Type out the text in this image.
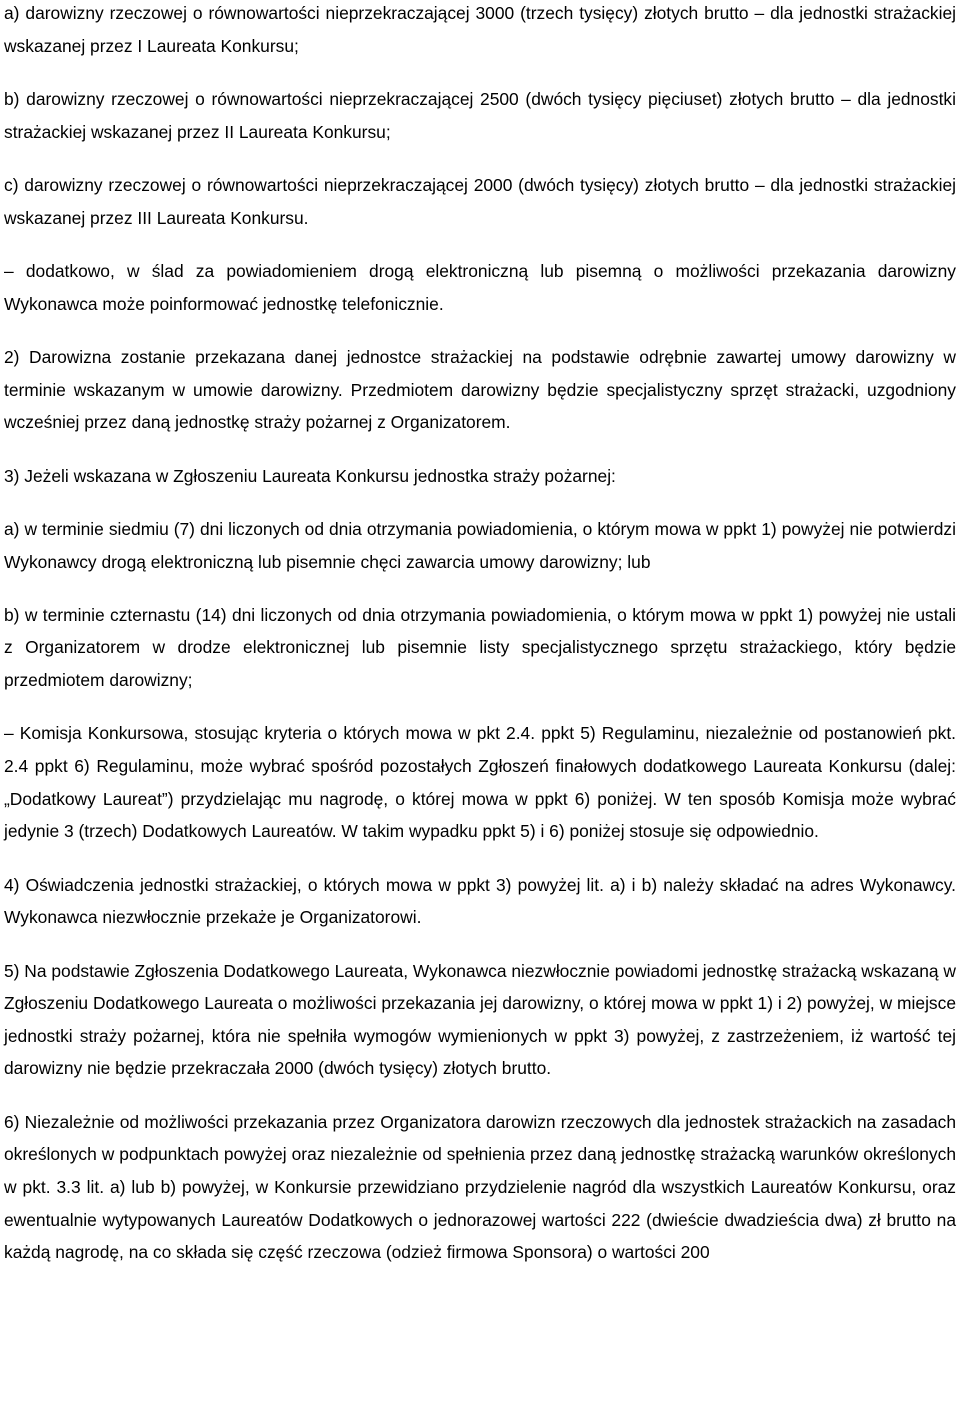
a) darowizny rzeczowej o równowartości nieprzekraczającej 3000 (trzech tysięcy) złotych brutto – dla jednostki strażackiej wskazanej przez I Laureata Konkursu;

b) darowizny rzeczowej o równowartości nieprzekraczającej 2500 (dwóch tysięcy pięciuset) złotych brutto – dla jednostki strażackiej wskazanej przez II Laureata Konkursu;

c) darowizny rzeczowej o równowartości nieprzekraczającej 2000 (dwóch tysięcy) złotych brutto – dla jednostki strażackiej wskazanej przez III Laureata Konkursu.

– dodatkowo, w ślad za powiadomieniem drogą elektroniczną lub pisemną o możliwości przekazania darowizny Wykonawca może poinformować jednostkę telefonicznie.

2) Darowizna zostanie przekazana danej jednostce strażackiej na podstawie odrębnie zawartej umowy darowizny w terminie wskazanym w umowie darowizny. Przedmiotem darowizny będzie specjalistyczny sprzęt strażacki, uzgodniony wcześniej przez daną jednostkę straży pożarnej z Organizatorem.

3) Jeżeli wskazana w Zgłoszeniu Laureata Konkursu jednostka straży pożarnej:

a) w terminie siedmiu (7) dni liczonych od dnia otrzymania powiadomienia, o którym mowa w ppkt 1) powyżej nie potwierdzi Wykonawcy drogą elektroniczną lub pisemnie chęci zawarcia umowy darowizny; lub

b) w terminie czternastu (14) dni liczonych od dnia otrzymania powiadomienia, o którym mowa w ppkt 1) powyżej nie ustali z Organizatorem w drodze elektronicznej lub pisemnie listy specjalistycznego sprzętu strażackiego, który będzie przedmiotem darowizny;

– Komisja Konkursowa, stosując kryteria o których mowa w pkt 2.4. ppkt 5) Regulaminu, niezależnie od postanowień pkt. 2.4 ppkt 6) Regulaminu, może wybrać spośród pozostałych Zgłoszeń finałowych dodatkowego Laureata Konkursu (dalej: „Dodatkowy Laureat”) przydzielając mu nagrodę, o której mowa w ppkt 6) poniżej. W ten sposób Komisja może wybrać jedynie 3 (trzech) Dodatkowych Laureatów. W takim wypadku ppkt 5) i 6) poniżej stosuje się odpowiednio.

4) Oświadczenia jednostki strażackiej, o których mowa w ppkt 3) powyżej lit. a) i b) należy składać na adres Wykonawcy. Wykonawca niezwłocznie przekaże je Organizatorowi.

5) Na podstawie Zgłoszenia Dodatkowego Laureata, Wykonawca niezwłocznie powiadomi jednostkę strażacką wskazaną w Zgłoszeniu Dodatkowego Laureata o możliwości przekazania jej darowizny, o której mowa w ppkt 1) i 2) powyżej, w miejsce jednostki straży pożarnej, która nie spełniła wymogów wymienionych w ppkt 3) powyżej, z zastrzeżeniem, iż wartość tej darowizny nie będzie przekraczała 2000 (dwóch tysięcy) złotych brutto.

6) Niezależnie od możliwości przekazania przez Organizatora darowizn rzeczowych dla jednostek strażackich na zasadach określonych w podpunktach powyżej oraz niezależnie od spełnienia przez daną jednostkę strażacką warunków określonych w pkt. 3.3 lit. a) lub b) powyżej, w Konkursie przewidziano przydzielenie nagród dla wszystkich Laureatów Konkursu, oraz ewentualnie wytypowanych Laureatów Dodatkowych o jednorazowej wartości 222 (dwieście dwadzieścia dwa) zł brutto na każdą nagrodę, na co składa się część rzeczowa (odzież firmowa Sponsora) o wartości 200
